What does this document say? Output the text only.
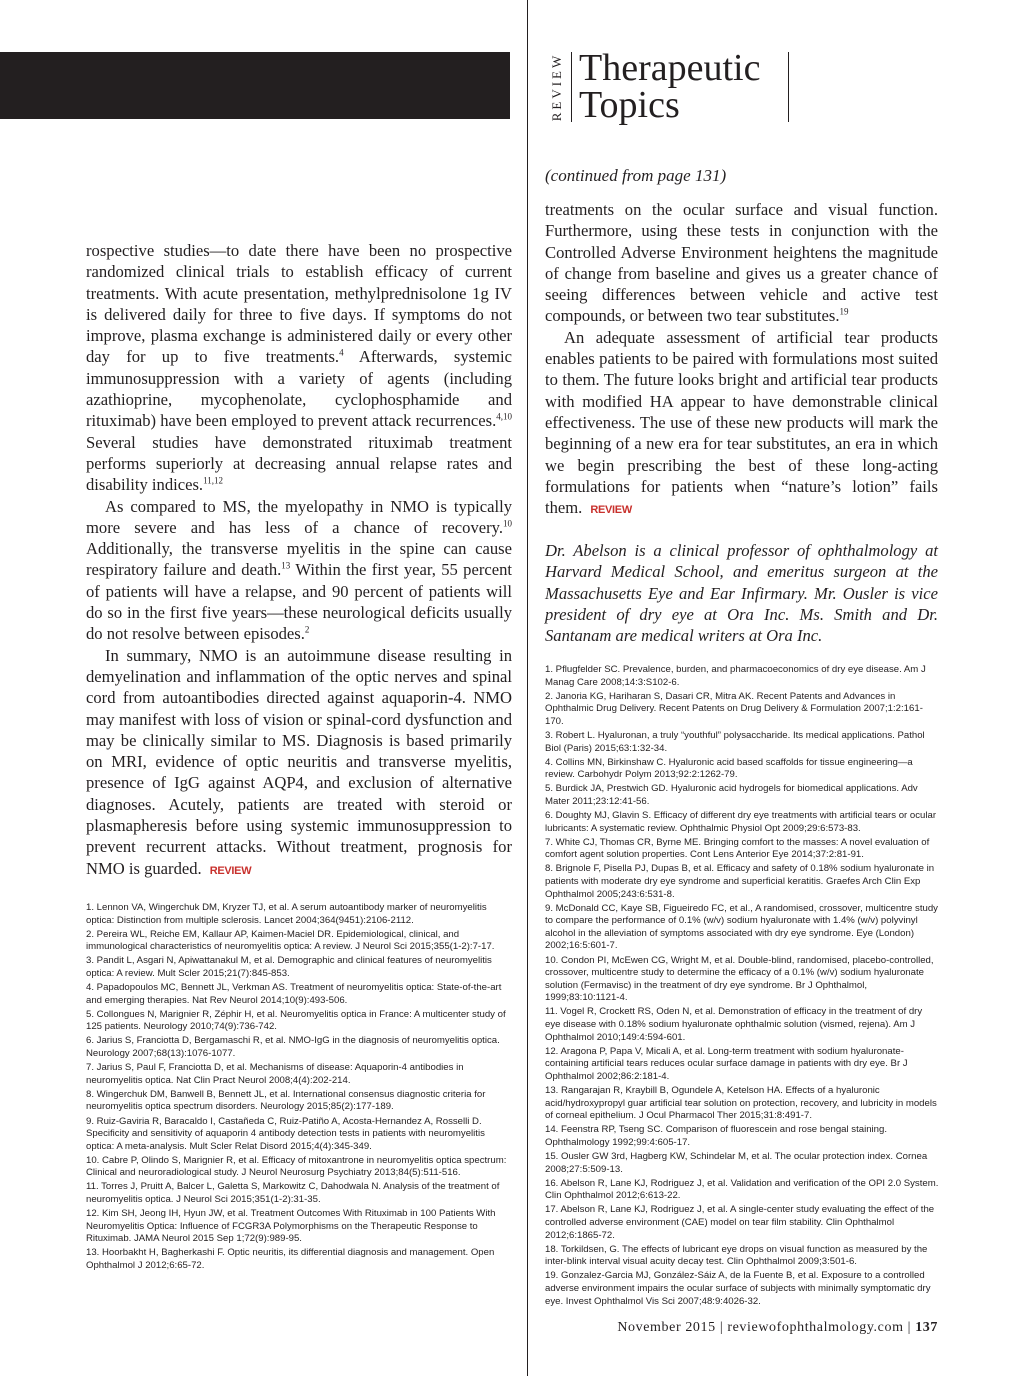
REVIEW Therapeutic
Topics
(continued from page 131)

rospective studies—to date there have been no prospective randomized clinical trials to establish efficacy of current treatments. With acute presentation, methylprednisolone 1g IV is delivered daily for three to five days. If symptoms do not improve, plasma exchange is administered daily or every other day for up to five treatments.$^4$ Afterwards, systemic immunosuppression with a variety of agents (including azathioprine, mycophenolate, cyclophosphamide and rituximab) have been employed to prevent attack recurrences.$^{4,10}$ Several studies have demonstrated rituximab treatment performs superiorly at decreasing annual relapse rates and disability indices.$^{11,12}$

As compared to MS, the myelopathy in NMO is typically more severe and has less of a chance of recovery.$^{10}$ Additionally, the transverse myelitis in the spine can cause respiratory failure and death.$^{13}$ Within the first year, 55 percent of patients will have a relapse, and 90 percent of patients will do so in the first five years—these neurological deficits usually do not resolve between episodes.$^2$

In summary, NMO is an autoimmune disease resulting in demyelination and inflammation of the optic nerves and spinal cord from autoantibodies directed against aquaporin-4. NMO may manifest with loss of vision or spinal-cord dysfunction and may be clinically similar to MS. Diagnosis is based primarily on MRI, evidence of optic neuritis and transverse myelitis, presence of IgG against AQP4, and exclusion of alternative diagnoses. Acutely, patients are treated with steroid or plasmapheresis before using systemic immunosuppression to prevent recurrent attacks. Without treatment, prognosis for NMO is guarded. REVIEW

treatments on the ocular surface and visual function. Furthermore, using these tests in conjunction with the Controlled Adverse Environment heightens the magnitude of change from baseline and gives us a greater chance of seeing differences between vehicle and active test compounds, or between two tear substitutes.$^{19}$

An adequate assessment of artificial tear products enables patients to be paired with formulations most suited to them. The future looks bright and artificial tear products with modified HA appear to have demonstrable clinical effectiveness. The use of these new products will mark the beginning of a new era for tear substitutes, an era in which we begin prescribing the best of these long-acting formulations for patients when “nature’s lotion” fails them. REVIEW

Dr. Abelson is a clinical professor of ophthalmology at Harvard Medical School, and emeritus surgeon at the Massachusetts Eye and Ear Infirmary. Mr. Ousler is vice president of dry eye at Ora Inc. Ms. Smith and Dr. Santanam are medical writers at Ora Inc.
1. Lennon VA, Wingerchuk DM, Kryzer TJ, et al. A serum autoantibody marker of neuromyelitis optica: Distinction from multiple sclerosis. Lancet 2004;364(9451):2106-2112.
2. Pereira WL, Reiche EM, Kallaur AP, Kaimen-Maciel DR. Epidemiological, clinical, and immunological characteristics of neuromyelitis optica: A review. J Neurol Sci 2015;355(1-2):7-17.
3. Pandit L, Asgari N, Apiwattanakul M, et al. Demographic and clinical features of neuromyelitis optica: A review. Mult Scler 2015;21(7):845-853.
4. Papadopoulos MC, Bennett JL, Verkman AS. Treatment of neuromyelitis optica: State-of-the-art and emerging therapies. Nat Rev Neurol 2014;10(9):493-506.
5. Collongues N, Marignier R, Zéphir H, et al. Neuromyelitis optica in France: A multicenter study of 125 patients. Neurology 2010;74(9):736-742.
6. Jarius S, Franciotta D, Bergamaschi R, et al. NMO-IgG in the diagnosis of neuromyelitis optica. Neurology 2007;68(13):1076-1077.
7. Jarius S, Paul F, Franciotta D, et al. Mechanisms of disease: Aquaporin-4 antibodies in neuromyelitis optica. Nat Clin Pract Neurol 2008;4(4):202-214.
8. Wingerchuk DM, Banwell B, Bennett JL, et al. International consensus diagnostic criteria for neuromyelitis optica spectrum disorders. Neurology 2015;85(2):177-189.
9. Ruiz-Gaviria R, Baracaldo I, Castañeda C, Ruiz-Patiño A, Acosta-Hernandez A, Rosselli D. Specificity and sensitivity of aquaporin 4 antibody detection tests in patients with neuromyelitis optica: A meta-analysis. Mult Scler Relat Disord 2015;4(4):345-349.
10. Cabre P, Olindo S, Marignier R, et al. Efficacy of mitoxantrone in neuromyelitis optica spectrum: Clinical and neuroradiological study. J Neurol Neurosurg Psychiatry 2013;84(5):511-516.
11. Torres J, Pruitt A, Balcer L, Galetta S, Markowitz C, Dahodwala N. Analysis of the treatment of neuromyelitis optica. J Neurol Sci 2015;351(1-2):31-35.
12. Kim SH, Jeong IH, Hyun JW, et al. Treatment Outcomes With Rituximab in 100 Patients With Neuromyelitis Optica: Influence of FCGR3A Polymorphisms on the Therapeutic Response to Rituximab. JAMA Neurol 2015 Sep 1;72(9):989-95.
13. Hoorbakht H, Bagherkashi F. Optic neuritis, its differential diagnosis and management. Open Ophthalmol J 2012;6:65-72.
1. Pflugfelder SC. Prevalence, burden, and pharmacoeconomics of dry eye disease. Am J Manag Care 2008;14:3:S102-6.
2. Janoria KG, Hariharan S, Dasari CR, Mitra AK. Recent Patents and Advances in Ophthalmic Drug Delivery. Recent Patents on Drug Delivery & Formulation 2007;1:2:161-170.
3. Robert L. Hyaluronan, a truly “youthful” polysaccharide. Its medical applications. Pathol Biol (Paris) 2015;63:1:32-34.
4. Collins MN, Birkinshaw C. Hyaluronic acid based scaffolds for tissue engineering—a review. Carbohydr Polym 2013;92:2:1262-79.
5. Burdick JA, Prestwich GD. Hyaluronic acid hydrogels for biomedical applications. Adv Mater 2011;23:12:41-56.
6. Doughty MJ, Glavin S. Efficacy of different dry eye treatments with artificial tears or ocular lubricants: A systematic review. Ophthalmic Physiol Opt 2009;29:6:573-83.
7. White CJ, Thomas CR, Byrne ME. Bringing comfort to the masses: A novel evaluation of comfort agent solution properties. Cont Lens Anterior Eye 2014;37:2:81-91.
8. Brignole F, Pisella PJ, Dupas B, et al. Efficacy and safety of 0.18% sodium hyaluronate in patients with moderate dry eye syndrome and superficial keratitis. Graefes Arch Clin Exp Ophthalmol 2005;243:6:531-8.
9. McDonald CC, Kaye SB, Figueiredo FC, et al., A randomised, crossover, multicentre study to compare the performance of 0.1% (w/v) sodium hyaluronate with 1.4% (w/v) polyvinyl alcohol in the alleviation of symptoms associated with dry eye syndrome. Eye (London) 2002;16:5:601-7.
10. Condon PI, McEwen CG, Wright M, et al. Double-blind, randomised, placebo-controlled, crossover, multicentre study to determine the efficacy of a 0.1% (w/v) sodium hyaluronate solution (Fermavisc) in the treatment of dry eye syndrome. Br J Ophthalmol, 1999;83:10:1121-4.
11. Vogel R, Crockett RS, Oden N, et al. Demonstration of efficacy in the treatment of dry eye disease with 0.18% sodium hyaluronate ophthalmic solution (vismed, rejena). Am J Ophthalmol 2010;149:4:594-601.
12. Aragona P, Papa V, Micali A, et al. Long-term treatment with sodium hyaluronate-containing artificial tears reduces ocular surface damage in patients with dry eye. Br J Ophthalmol 2002;86:2:181-4.
13. Rangarajan R, Kraybill B, Ogundele A, Ketelson HA. Effects of a hyaluronic acid/hydroxypropyl guar artificial tear solution on protection, recovery, and lubricity in models of corneal epithelium. J Ocul Pharmacol Ther 2015;31:8:491-7.
14. Feenstra RP, Tseng SC. Comparison of fluorescein and rose bengal staining. Ophthalmology 1992;99:4:605-17.
15. Ousler GW 3rd, Hagberg KW, Schindelar M, et al. The ocular protection index. Cornea 2008;27:5:509-13.
16. Abelson R, Lane KJ, Rodriguez J, et al. Validation and verification of the OPI 2.0 System. Clin Ophthalmol 2012;6:613-22.
17. Abelson R, Lane KJ, Rodriguez J, et al. A single-center study evaluating the effect of the controlled adverse environment (CAE) model on tear film stability. Clin Ophthalmol 2012;6:1865-72.
18. Torkildsen, G. The effects of lubricant eye drops on visual function as measured by the inter-blink interval visual acuity decay test. Clin Ophthalmol 2009;3:501-6.
19. Gonzalez-Garcia MJ, González-Sáiz A, de la Fuente B, et al. Exposure to a controlled adverse environment impairs the ocular surface of subjects with minimally symptomatic dry eye. Invest Ophthalmol Vis Sci 2007;48:9:4026-32.
November 2015 | reviewofophthalmology.com | 137
